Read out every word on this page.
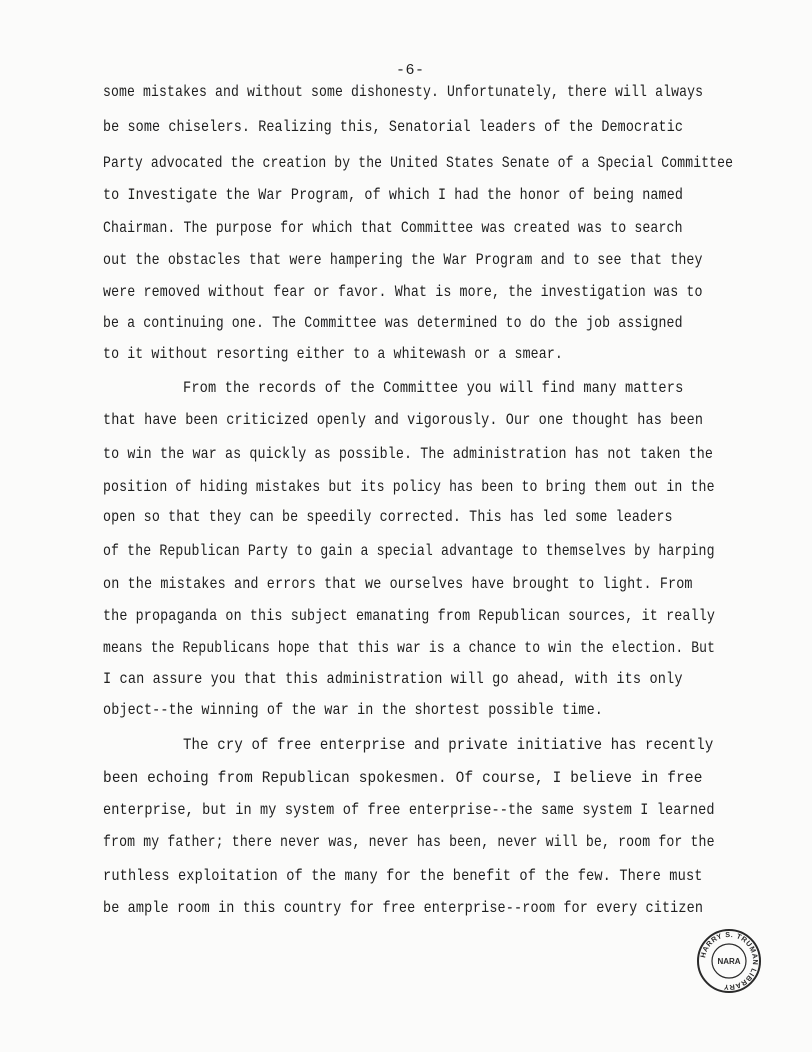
-6-
some mistakes and without some dishonesty. Unfortunately, there will always
be some chiselers. Realizing this, Senatorial leaders of the Democratic
Party advocated the creation by the United States Senate of a Special Committee
to Investigate the War Program, of which I had the honor of being named
Chairman. The purpose for which that Committee was created was to search
out the obstacles that were hampering the War Program and to see that they
were removed without fear or favor. What is more, the investigation was to
be a continuing one. The Committee was determined to do the job assigned
to it without resorting either to a whitewash or a smear.
From the records of the Committee you will find many matters
that have been criticized openly and vigorously. Our one thought has been
to win the war as quickly as possible. The administration has not taken the
position of hiding mistakes but its policy has been to bring them out in the
open so that they can be speedily corrected. This has led some leaders
of the Republican Party to gain a special advantage to themselves by harping
on the mistakes and errors that we ourselves have brought to light. From
the propaganda on this subject emanating from Republican sources, it really
means the Republicans hope that this war is a chance to win the election. But
I can assure you that this administration will go ahead, with its only
object--the winning of the war in the shortest possible time.
The cry of free enterprise and private initiative has recently
been echoing from Republican spokesmen. Of course, I believe in free
enterprise, but in my system of free enterprise--the same system I learned
from my father; there never was, never has been, never will be, room for the
ruthless exploitation of the many for the benefit of the few. There must
be ample room in this country for free enterprise--room for every citizen
HARRY S. TRUMAN LIBRARY
NARA
